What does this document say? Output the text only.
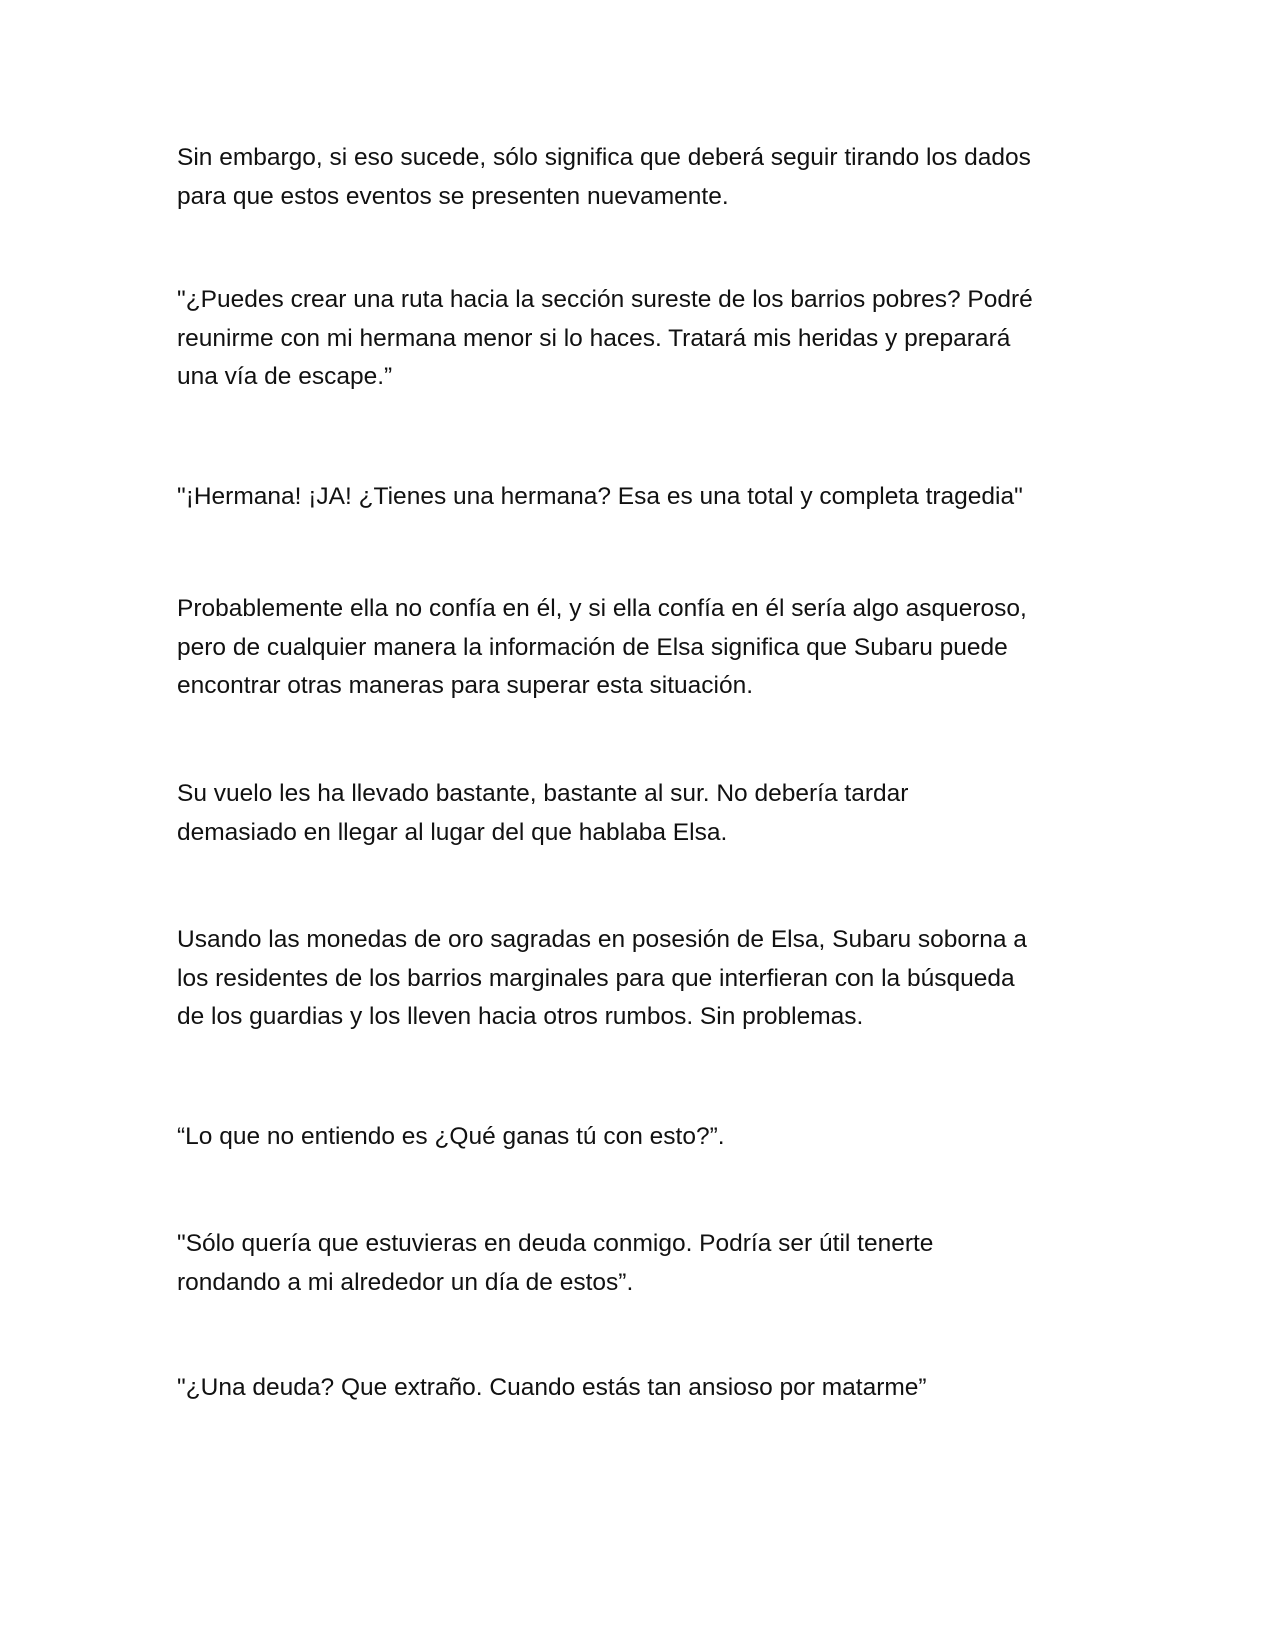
Sin embargo, si eso sucede, sólo significa que deberá seguir tirando los dados
para que estos eventos se presenten nuevamente.

"¿Puedes crear una ruta hacia la sección sureste de los barrios pobres? Podré
reunirme con mi hermana menor si lo haces. Tratará mis heridas y preparará
una vía de escape.”

"¡Hermana! ¡JA! ¿Tienes una hermana? Esa es una total y completa tragedia"

Probablemente ella no confía en él, y si ella confía en él sería algo asqueroso,
pero de cualquier manera la información de Elsa significa que Subaru puede
encontrar otras maneras para superar esta situación.

Su vuelo les ha llevado bastante, bastante al sur. No debería tardar
demasiado en llegar al lugar del que hablaba Elsa.

Usando las monedas de oro sagradas en posesión de Elsa, Subaru soborna a
los residentes de los barrios marginales para que interfieran con la búsqueda
de los guardias y los lleven hacia otros rumbos. Sin problemas.

“Lo que no entiendo es ¿Qué ganas tú con esto?”.

"Sólo quería que estuvieras en deuda conmigo. Podría ser útil tenerte
rondando a mi alrededor un día de estos”.

"¿Una deuda? Que extraño. Cuando estás tan ansioso por matarme”
